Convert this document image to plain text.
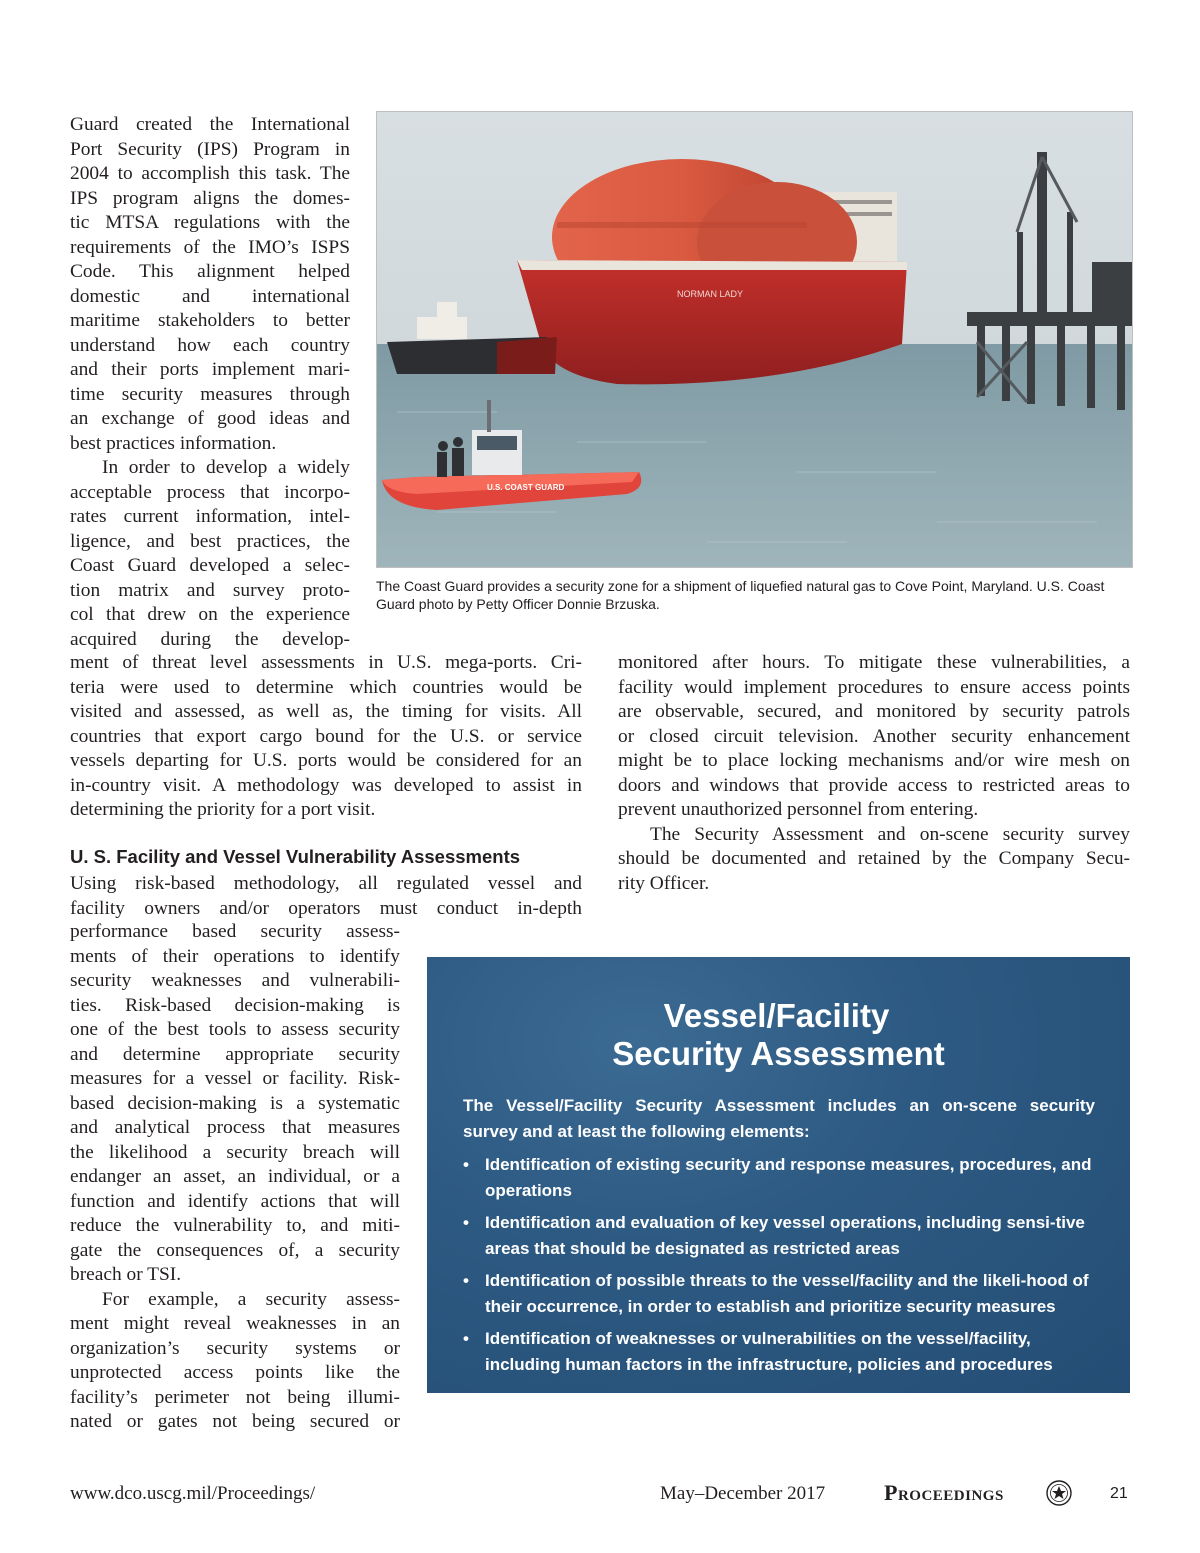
Guard created the International
Port Security (IPS) Program in
2004 to accomplish this task. The
IPS program aligns the domes-
tic MTSA regulations with the
requirements of the IMO’s ISPS
Code. This alignment helped
domestic and international
maritime stakeholders to better
understand how each country
and their ports implement mari-
time security measures through
an exchange of good ideas and
best practices information.
In order to develop a widely
acceptable process that incorpo-
rates current information, intel-
ligence, and best practices, the
Coast Guard developed a selec-
tion matrix and survey proto-
col that drew on the experience
acquired during the develop-
NORMAN LADY
U.S. COAST GUARD
The Coast Guard provides a security zone for a shipment of liquefied natural gas to Cove Point, Maryland. U.S. Coast Guard photo by Petty Officer Donnie Brzuska.
ment of threat level assessments in U.S. mega-ports. Cri-
teria were used to determine which countries would be
visited and assessed, as well as, the timing for visits. All
countries that export cargo bound for the U.S. or service
vessels departing for U.S. ports would be considered for an
in-country visit. A methodology was developed to assist in
determining the priority for a port visit.
U. S. Facility and Vessel Vulnerability Assessments
Using risk-based methodology, all regulated vessel and
facility owners and/or operators must conduct in-depth
performance based security assess-
ments of their operations to identify
security weaknesses and vulnerabili-
ties. Risk-based decision-making is
one of the best tools to assess security
and determine appropriate security
measures for a vessel or facility. Risk-
based decision-making is a systematic
and analytical process that measures
the likelihood a security breach will
endanger an asset, an individual, or a
function and identify actions that will
reduce the vulnerability to, and miti-
gate the consequences of, a security
breach or TSI.
For example, a security assess-
ment might reveal weaknesses in an
organization’s security systems or
unprotected access points like the
facility’s perimeter not being illumi-
nated or gates not being secured or
monitored after hours. To mitigate these vulnerabilities, a
facility would implement procedures to ensure access points
are observable, secured, and monitored by security patrols
or closed circuit television. Another security enhancement
might be to place locking mechanisms and/or wire mesh on
doors and windows that provide access to restricted areas to
prevent unauthorized personnel from entering.
The Security Assessment and on-scene security survey
should be documented and retained by the Company Secu-
rity Officer.
Vessel/Facility
Security Assessment
The Vessel/Facility Security Assessment includes an on-scene security survey and at least the following elements:
• Identification of existing security and response measures, procedures, and operations
• Identification and evaluation of key vessel operations, including sensi-tive areas that should be designated as restricted areas
• Identification of possible threats to the vessel/facility and the likeli-hood of their occurrence, in order to establish and prioritize security measures
• Identification of weaknesses or vulnerabilities on the vessel/facility, including human factors in the infrastructure, policies and procedures
www.dco.uscg.mil/Proceedings/	May–December 2017	Proceedings	21
